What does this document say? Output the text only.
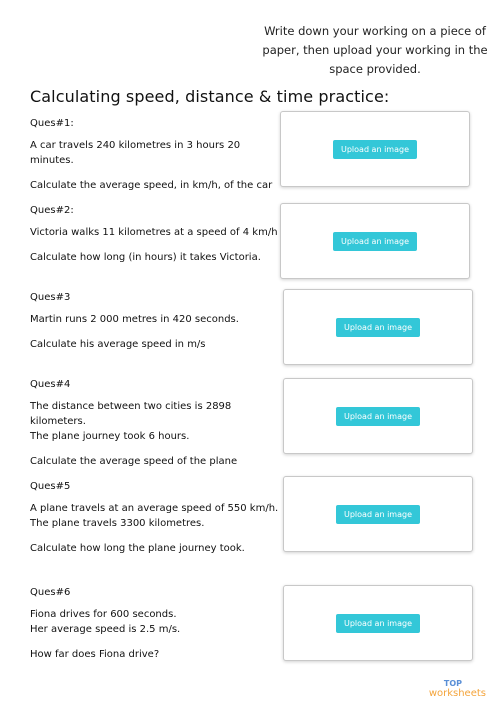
Write down your working on a piece of paper, then upload your working in the space provided.
Calculating speed, distance & time practice:
Ques#1:
A car travels 240 kilometres in 3 hours 20 minutes.
Calculate the average speed, in km/h, of the car
Upload an image
Ques#2:
Victoria walks 11 kilometres at a speed of 4 km/h
Calculate how long (in hours) it takes Victoria.
Upload an image
Ques#3
Martin runs 2 000 metres in 420 seconds.
Calculate his average speed in m/s
Upload an image
Ques#4
The distance between two cities is 2898 kilometers.
The plane journey took 6 hours.
Calculate the average speed of the plane
Upload an image
Ques#5
A plane travels at an average speed of 550 km/h.
The plane travels 3300 kilometres.
Calculate how long the plane journey took.
Upload an image
Ques#6
Fiona drives for 600 seconds.
Her average speed is 2.5 m/s.
How far does Fiona drive?
Upload an image
TOP
worksheets
